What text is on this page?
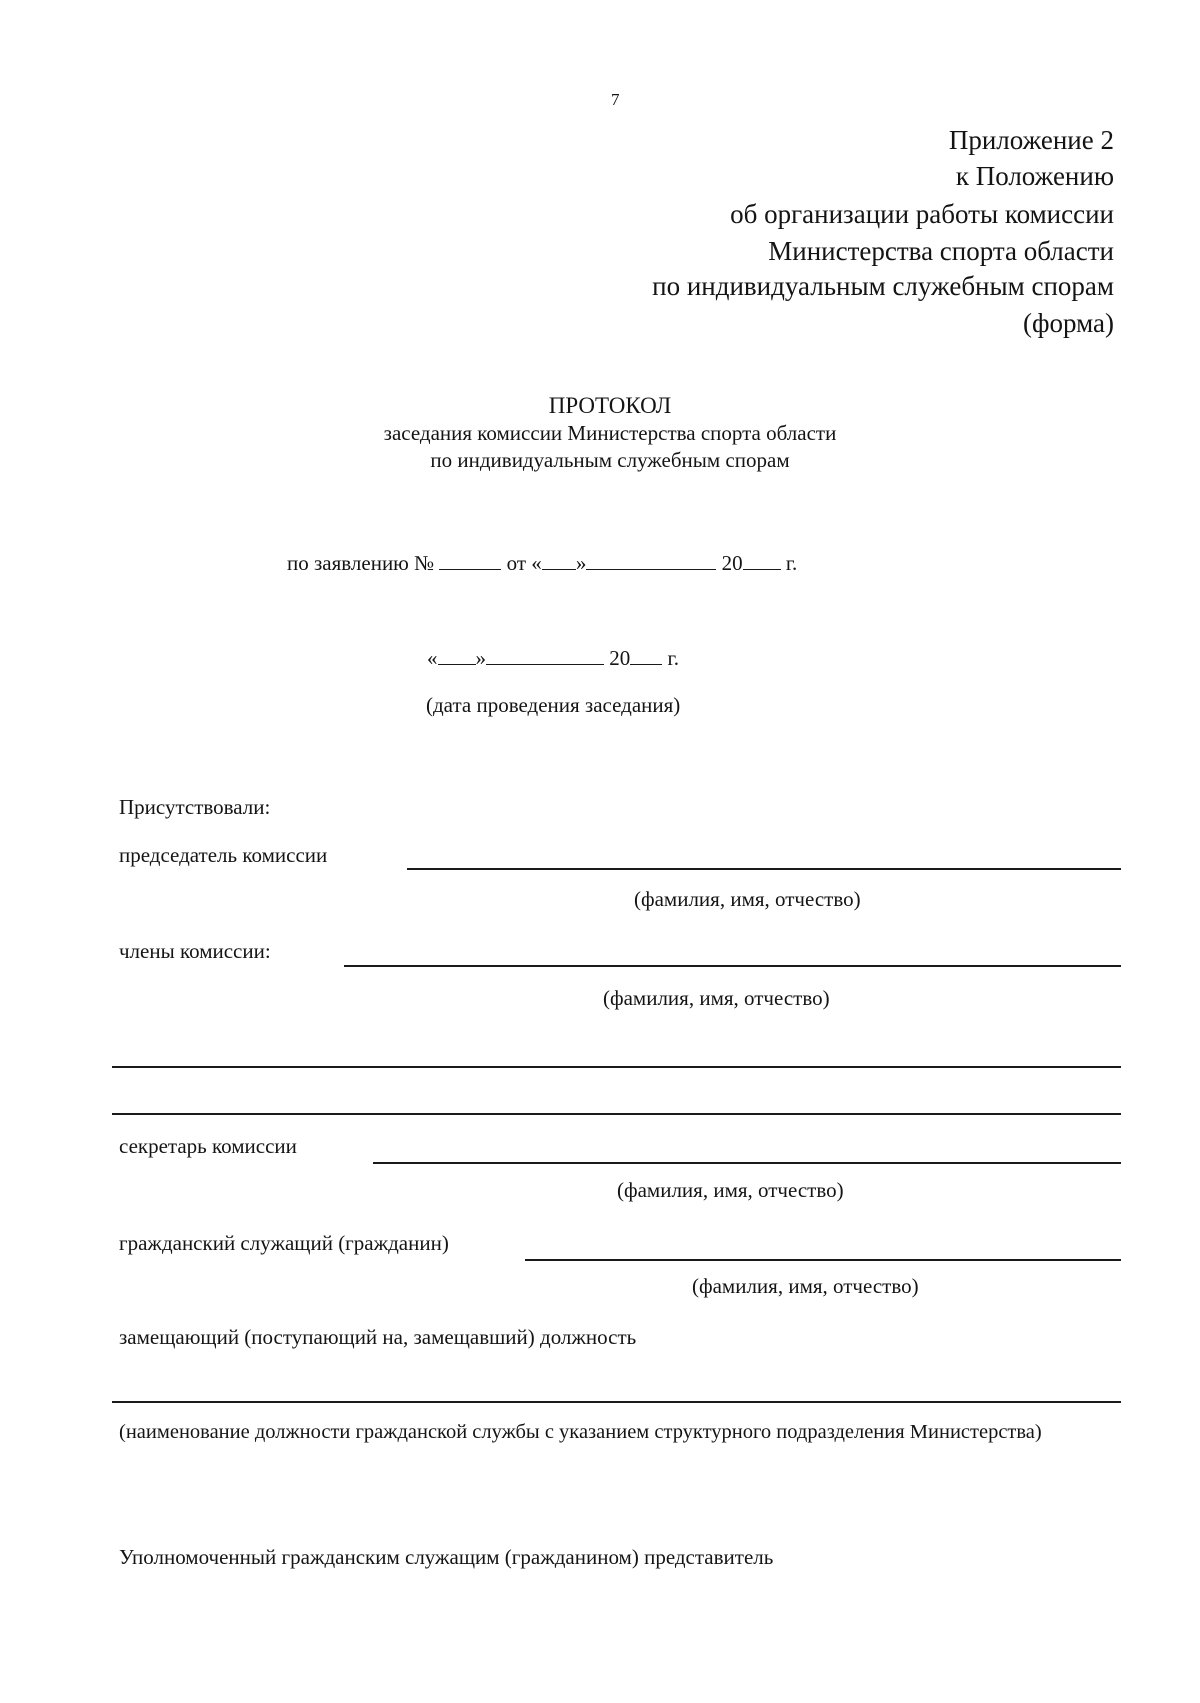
7
Приложение 2
к Положению
об организации работы комиссии
Министерства спорта области
по индивидуальным служебным спорам
(форма)
ПРОТОКОЛ
заседания комиссии Министерства спорта области
по индивидуальным служебным спорам
по заявлению №	от « »	20 г.
« »	20 г.
(дата проведения заседания)
Присутствовали:
председатель комиссии
(фамилия, имя, отчество)
члены комиссии:
(фамилия, имя, отчество)
секретарь комиссии
(фамилия, имя, отчество)
гражданский служащий (гражданин)
(фамилия, имя, отчество)
замещающий (поступающий на, замещавший) должность
(наименование должности гражданской службы с указанием структурного подразделения Министерства)
Уполномоченный гражданским служащим (гражданином) представитель
